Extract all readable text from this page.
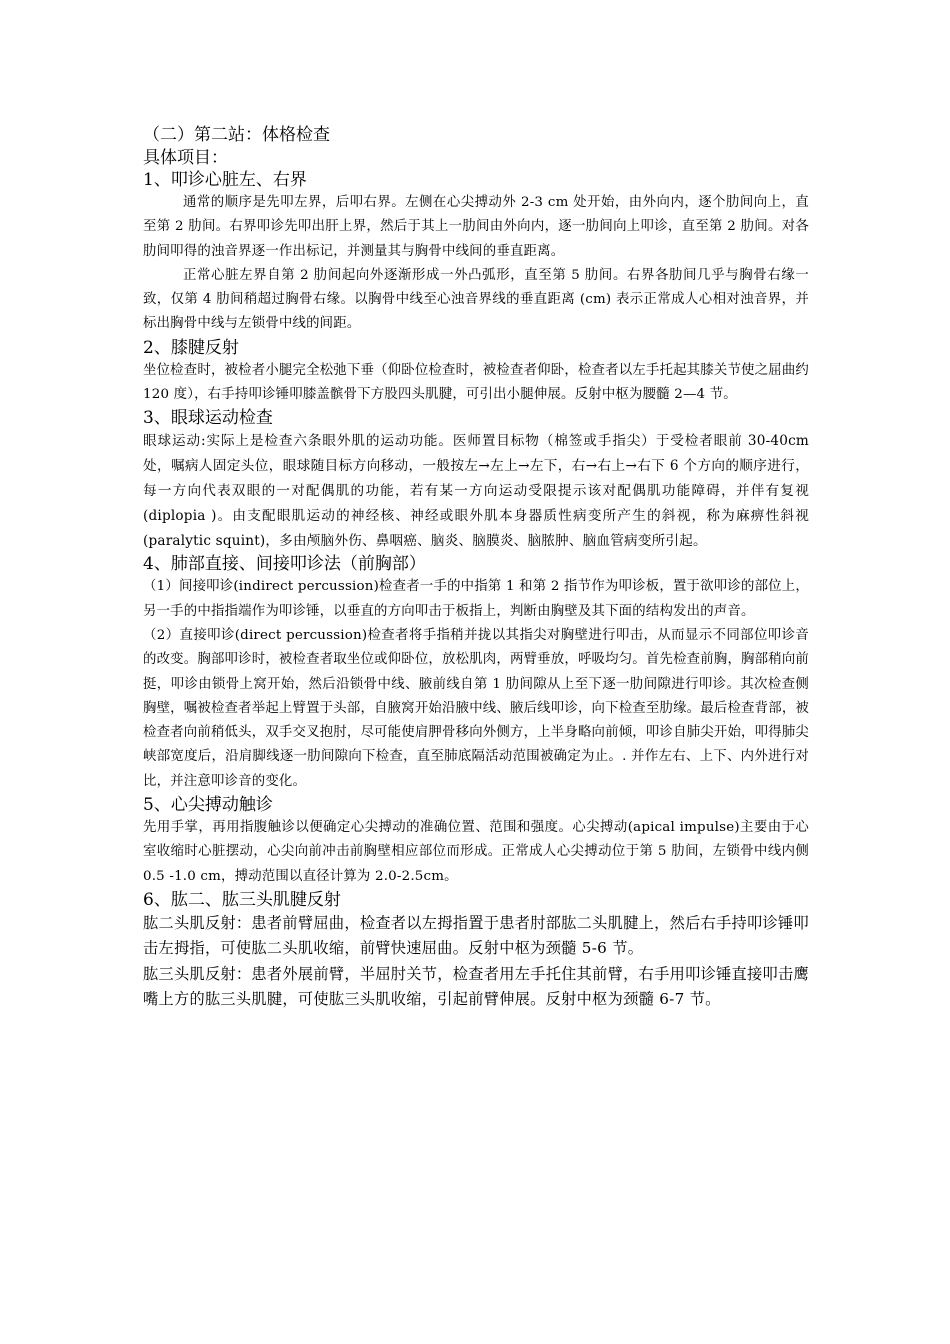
（二）第二站：体格检查

具体项目：

1、叩诊心脏左、右界

通常的顺序是先叩左界，后叩右界。左侧在心尖搏动外 2-3 cm 处开始，由外向内，逐个肋间向上，直至第 2 肋间。右界叩诊先叩出肝上界，然后于其上一肋间由外向内，逐一肋间向上叩诊，直至第 2 肋间。对各肋间叩得的浊音界逐一作出标记，并测量其与胸骨中线间的垂直距离。

正常心脏左界自第 2 肋间起向外逐渐形成一外凸弧形，直至第 5 肋间。右界各肋间几乎与胸骨右缘一致，仅第 4 肋间稍超过胸骨右缘。以胸骨中线至心浊音界线的垂直距离 (cm) 表示正常成人心相对浊音界，并标出胸骨中线与左锁骨中线的间距。

2、膝腱反射

坐位检查时，被检者小腿完全松弛下垂（仰卧位检查时，被检查者仰卧，检查者以左手托起其膝关节使之屈曲约 120 度），右手持叩诊锤叩膝盖髌骨下方股四头肌腱，可引出小腿伸展。反射中枢为腰髓 2—4 节。

3、眼球运动检查

眼球运动:实际上是检查六条眼外肌的运动功能。医师置目标物（棉签或手指尖）于受检者眼前 30-40cm 处，嘱病人固定头位，眼球随目标方向移动，一般按左→左上→左下，右→右上→右下 6 个方向的顺序进行，每一方向代表双眼的一对配偶肌的功能，若有某一方向运动受限提示该对配偶肌功能障碍，并伴有复视(diplopia )。由支配眼肌运动的神经核、神经或眼外肌本身器质性病变所产生的斜视，称为麻痹性斜视(paralytic squint)，多由颅脑外伤、鼻咽癌、脑炎、脑膜炎、脑脓肿、脑血管病变所引起。

4、肺部直接、间接叩诊法（前胸部）

（1）间接叩诊(indirect percussion)检查者一手的中指第 1 和第 2 指节作为叩诊板，置于欲叩诊的部位上，另一手的中指指端作为叩诊锤，以垂直的方向叩击于板指上，判断由胸壁及其下面的结构发出的声音。

（2）直接叩诊(direct percussion)检查者将手指稍并拢以其指尖对胸壁进行叩击，从而显示不同部位叩诊音的改变。胸部叩诊时，被检查者取坐位或仰卧位，放松肌肉，两臂垂放，呼吸均匀。首先检查前胸，胸部稍向前挺，叩诊由锁骨上窝开始，然后沿锁骨中线、腋前线自第 1 肋间隙从上至下逐一肋间隙进行叩诊。其次检查侧胸壁，嘱被检查者举起上臂置于头部，自腋窝开始沿腋中线、腋后线叩诊，向下检查至肋缘。最后检查背部，被检查者向前稍低头，双手交叉抱肘，尽可能使肩胛骨移向外侧方，上半身略向前倾，叩诊自肺尖开始，叩得肺尖峡部宽度后，沿肩脚线逐一肋间隙向下检查，直至肺底隔活动范围被确定为止。. 并作左右、上下、内外进行对比，并注意叩诊音的变化。

5、心尖搏动触诊

先用手掌，再用指腹触诊以便确定心尖搏动的准确位置、范围和强度。心尖搏动(apical impulse)主要由于心室收缩时心脏摆动，心尖向前冲击前胸壁相应部位而形成。正常成人心尖搏动位于第 5 肋间，左锁骨中线内侧 0.5 -1.0 cm，搏动范围以直径计算为 2.0-2.5cm。

6、肱二、肱三头肌腱反射

肱二头肌反射：患者前臂屈曲，检查者以左拇指置于患者肘部肱二头肌腱上，然后右手持叩诊锤叩击左拇指，可使肱二头肌收缩，前臂快速屈曲。反射中枢为颈髓 5-6 节。

肱三头肌反射：患者外展前臂，半屈肘关节，检查者用左手托住其前臂，右手用叩诊锤直接叩击鹰嘴上方的肱三头肌腱，可使肱三头肌收缩，引起前臂伸展。反射中枢为颈髓 6-7 节。
